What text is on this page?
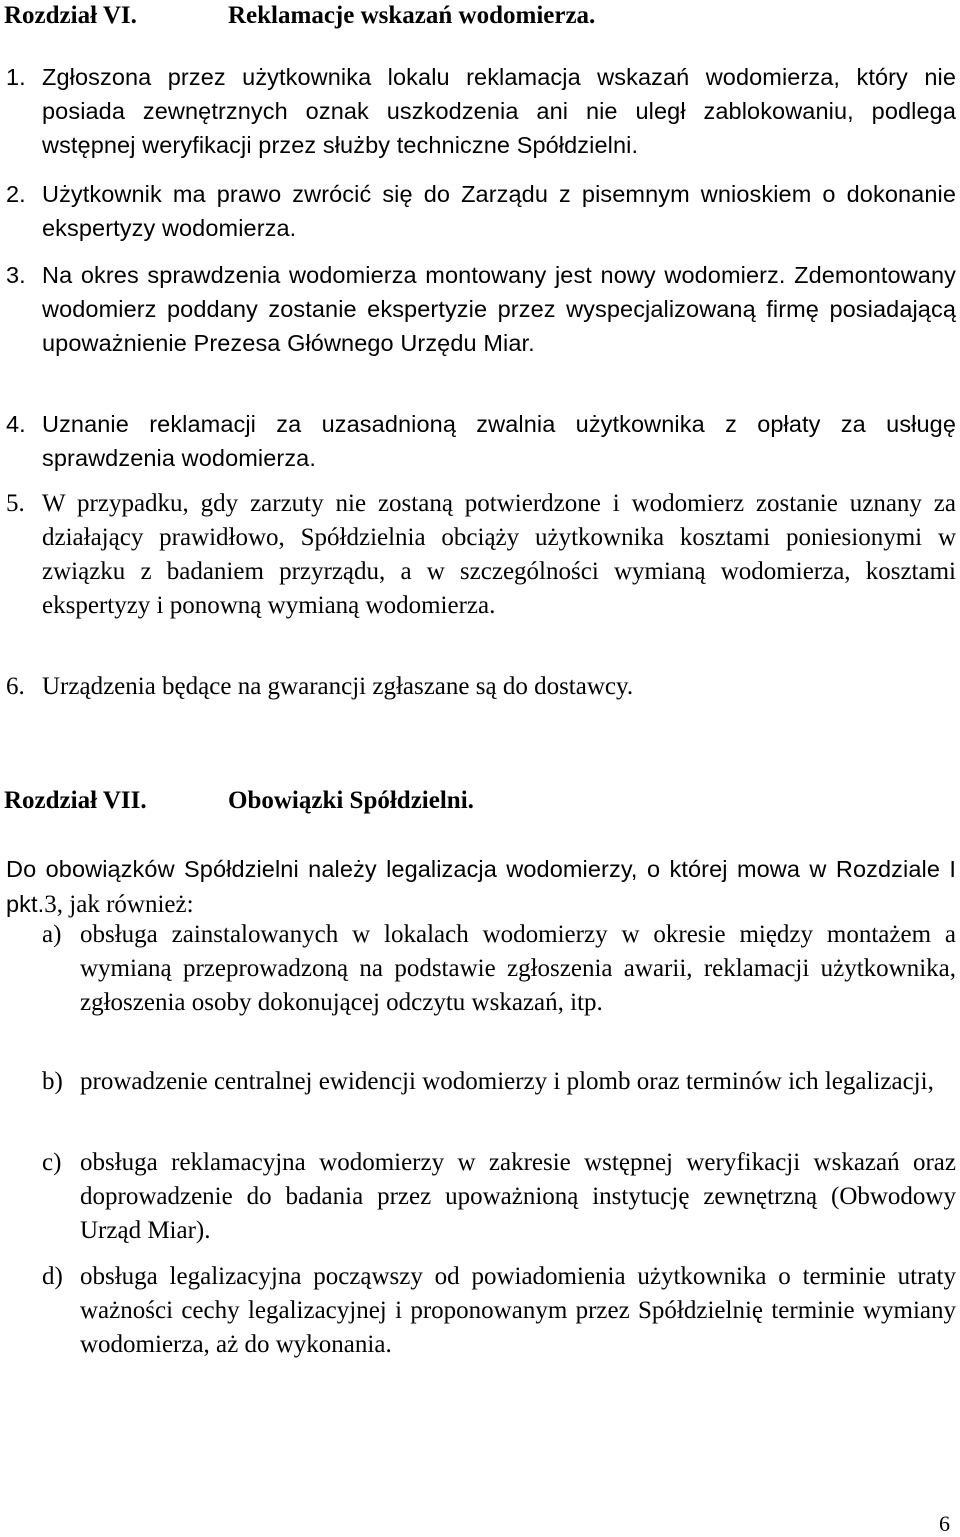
Rozdział VI.	Reklamacje wskazań wodomierza.
1. Zgłoszona przez użytkownika lokalu reklamacja wskazań wodomierza, który nie posiada zewnętrznych oznak uszkodzenia ani nie uległ zablokowaniu, podlega wstępnej weryfikacji przez służby techniczne Spółdzielni.
2. Użytkownik ma prawo zwrócić się do Zarządu z pisemnym wnioskiem o dokonanie ekspertyzy wodomierza.
3. Na okres sprawdzenia wodomierza montowany jest nowy wodomierz. Zdemontowany wodomierz poddany zostanie ekspertyzie przez wyspecjalizowaną firmę posiadającą upoważnienie Prezesa Głównego Urzędu Miar.
4. Uznanie reklamacji za uzasadnioną zwalnia użytkownika z opłaty za usługę sprawdzenia wodomierza.
5. W przypadku, gdy zarzuty nie zostaną potwierdzone i wodomierz zostanie uznany za działający prawidłowo, Spółdzielnia obciąży użytkownika kosztami poniesionymi w związku z badaniem przyrządu, a w szczególności wymianą wodomierza, kosztami ekspertyzy i ponowną wymianą wodomierza.
6. Urządzenia będące na gwarancji zgłaszane są do dostawcy.
Rozdział VII.	Obowiązki Spółdzielni.
Do obowiązków Spółdzielni należy legalizacja wodomierzy, o której mowa w Rozdziale I pkt.3, jak również:
a) obsługa zainstalowanych w lokalach wodomierzy w okresie między montażem a wymianą przeprowadzoną na podstawie zgłoszenia awarii, reklamacji użytkownika, zgłoszenia osoby dokonującej odczytu wskazań, itp.
b) prowadzenie centralnej ewidencji wodomierzy i plomb oraz terminów ich legalizacji,
c) obsługa reklamacyjna wodomierzy w zakresie wstępnej weryfikacji wskazań oraz doprowadzenie do badania przez upoważnioną instytucję zewnętrzną (Obwodowy Urząd Miar).
d) obsługa legalizacyjna począwszy od powiadomienia użytkownika o terminie utraty ważności cechy legalizacyjnej i proponowanym przez Spółdzielnię terminie wymiany wodomierza, aż do wykonania.
6
